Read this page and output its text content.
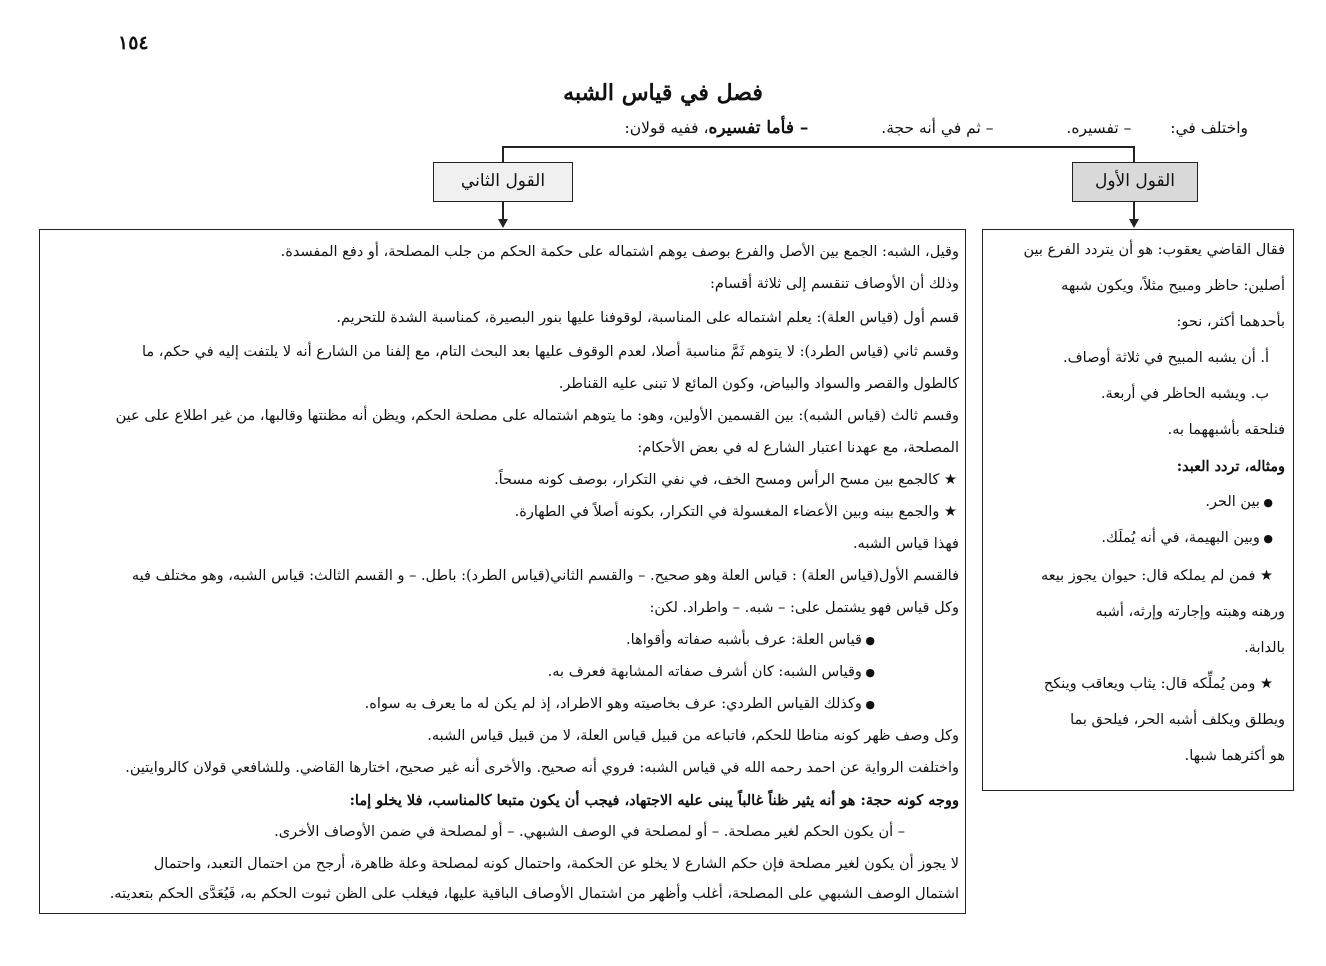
١٥٤
فصل في قياس الشبه
واختلف في: – تفسيره. – ثم في أنه حجة. – فأما تفسيره، ففيه قولان:
القول الأول
القول الثاني
فقال القاضي يعقوب: هو أن يتردد الفرع بين
أصلين: حاظر ومبيح مثلاً، ويكون شبهه
بأحدهما أكثر، نحو:
أ. أن يشبه المبيح في ثلاثة أوصاف.
ب. ويشبه الحاظر في أربعة.
فنلحقه بأشبههما به.
ومثاله، تردد العبد:
● بين الحر.
● وبين البهيمة، في أنه يُملَك.
★ فمن لم يملكه قال: حيوان يجوز بيعه
ورهنه وهبته وإجارته وإرثه، أشبه
بالدابة.
★ ومن يُملِّكه قال: يثاب ويعاقب وينكح
ويطلق ويكلف أشبه الحر، فيلحق بما
هو أكثرهما شبها.
وقيل، الشبه: الجمع بين الأصل والفرع بوصف يوهم اشتماله على حكمة الحكم من جلب المصلحة، أو دفع المفسدة.
وذلك أن الأوصاف تنقسم إلى ثلاثة أقسام:
قسم أول (قياس العلة): يعلم اشتماله على المناسبة، لوقوفنا عليها بنور البصيرة، كمناسبة الشدة للتحريم.
وقسم ثاني (قياس الطرد): لا يتوهم ثَمَّ مناسبة أصلا، لعدم الوقوف عليها بعد البحث التام، مع إلفنا من الشارع أنه لا يلتفت إليه في حكم، ما
كالطول والقصر والسواد والبياض، وكون المائع لا تبنى عليه القناطر.
وقسم ثالث (قياس الشبه): بين القسمين الأولين، وهو: ما يتوهم اشتماله على مصلحة الحكم، ويظن أنه مظنتها وقالبها، من غير اطلاع على عين
المصلحة، مع عهدنا اعتبار الشارع له في بعض الأحكام:
★ كالجمع بين مسح الرأس ومسح الخف، في نفي التكرار، بوصف كونه مسحاً.
★ والجمع بينه وبين الأعضاء المغسولة في التكرار، بكونه أصلاً في الطهارة.
فهذا قياس الشبه.
فالقسم الأول(قياس العلة) : قياس العلة وهو صحيح. – والقسم الثاني(قياس الطرد): باطل. – و القسم الثالث: قياس الشبه، وهو مختلف فيه
وكل قياس فهو يشتمل على: – شبه. – واطراد. لكن:
● قياس العلة: عرف بأشبه صفاته وأقواها.
● وقياس الشبه: كان أشرف صفاته المشابهة فعرف به.
● وكذلك القياس الطردي: عرف بخاصيته وهو الاطراد، إذ لم يكن له ما يعرف به سواه.
وكل وصف ظهر كونه مناطا للحكم، فاتباعه من قبيل قياس العلة، لا من قبيل قياس الشبه.
واختلفت الرواية عن احمد رحمه الله في قياس الشبه: فروي أنه صحيح. والأخرى أنه غير صحيح، اختارها القاضي. وللشافعي قولان كالروايتين.
ووجه كونه حجة: هو أنه يثير ظناً غالباً يبنى عليه الاجتهاد، فيجب أن يكون متبعا كالمناسب، فلا يخلو إما:
– أن يكون الحكم لغير مصلحة. – أو لمصلحة في الوصف الشبهي. – أو لمصلحة في ضمن الأوصاف الأخرى.
لا يجوز أن يكون لغير مصلحة فإن حكم الشارع لا يخلو عن الحكمة، واحتمال كونه لمصلحة وعلة ظاهرة، أرجح من احتمال التعبد، واحتمال
اشتمال الوصف الشبهي على المصلحة، أغلب وأظهر من اشتمال الأوصاف الباقية عليها، فيغلب على الظن ثبوت الحكم به، فَيُعَدَّى الحكم بتعديته.
